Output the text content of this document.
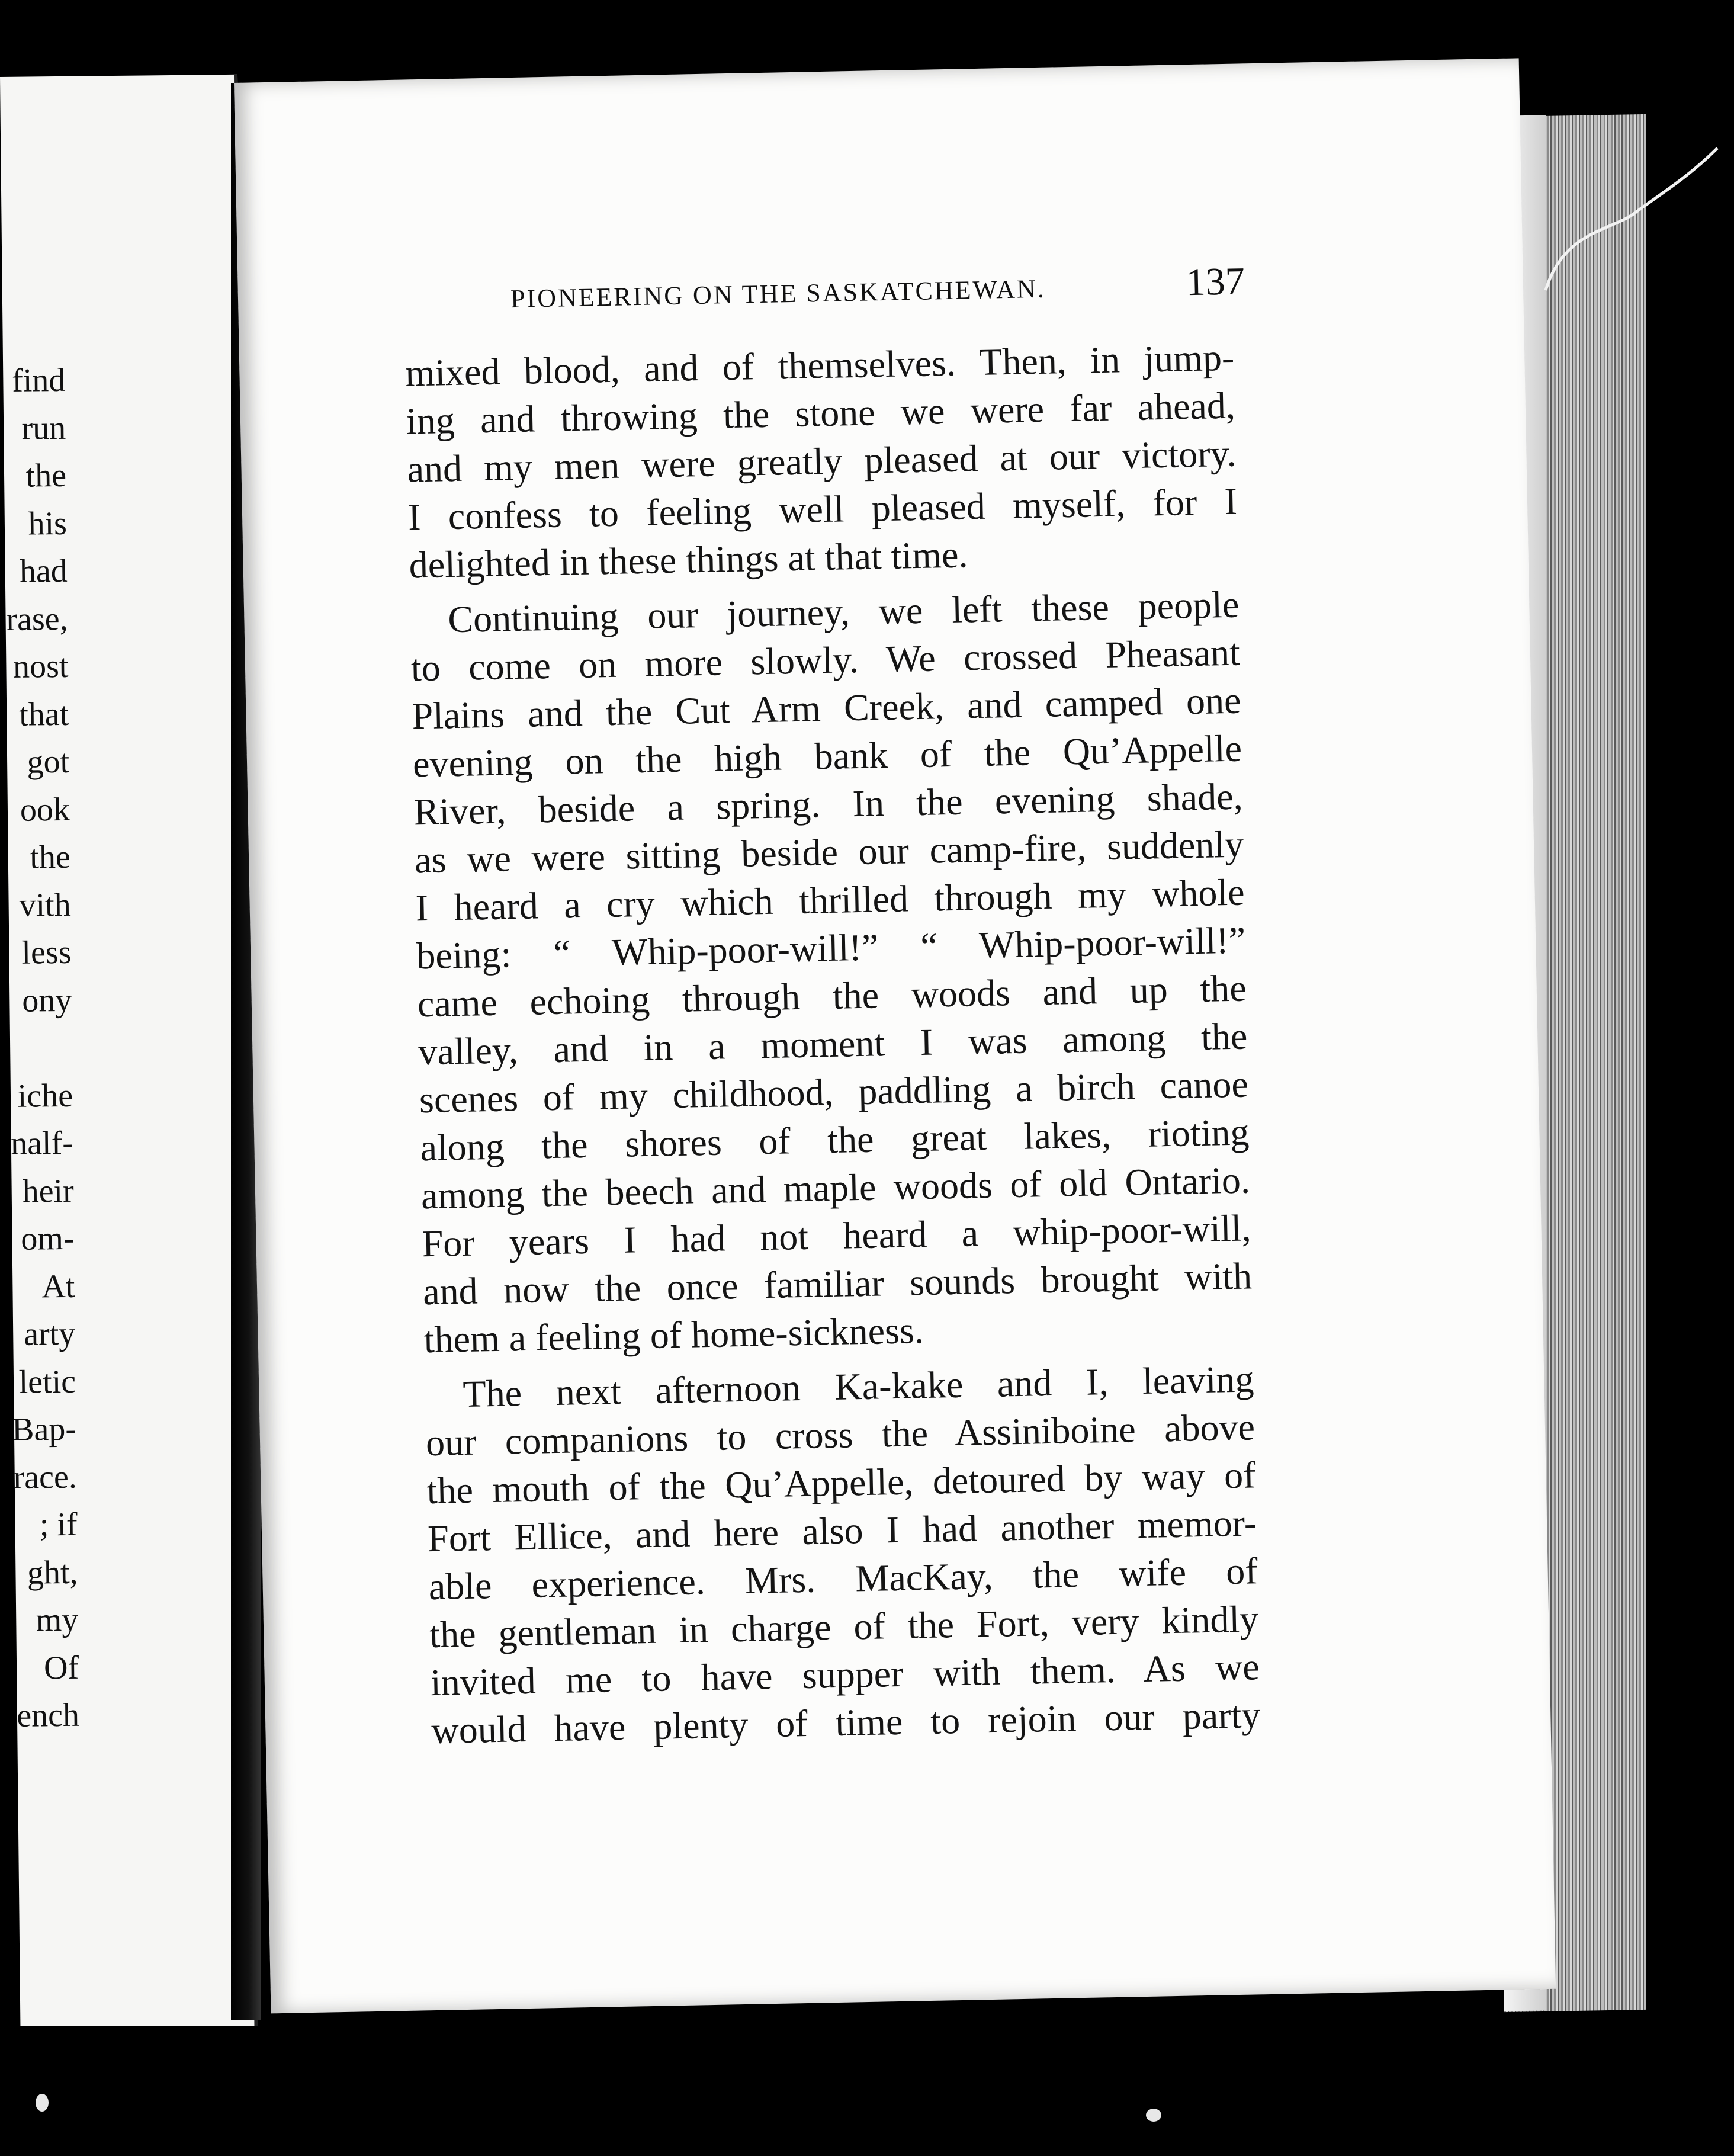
find
run
the
his
had
rase,
nost
that
got
ook
the
vith
less
ony
iche
nalf-
heir
om-
At
arty
letic
Bap-
race.
; if
ght,
my
Of
ench
PIONEERING ON THE SASKATCHEWAN.	137
mixed blood, and of themselves. Then, in jump-
ing and throwing the stone we were far ahead,
and my men were greatly pleased at our victory.
I confess to feeling well pleased myself, for I
delighted in these things at that time.
Continuing our journey, we left these people
to come on more slowly. We crossed Pheasant
Plains and the Cut Arm Creek, and camped one
evening on the high bank of the Qu’Appelle
River, beside a spring. In the evening shade,
as we were sitting beside our camp-fire, suddenly
I heard a cry which thrilled through my whole
being: “ Whip-poor-will!” “ Whip-poor-will!”
came echoing through the woods and up the
valley, and in a moment I was among the
scenes of my childhood, paddling a birch canoe
along the shores of the great lakes, rioting
among the beech and maple woods of old Ontario.
For years I had not heard a whip-poor-will,
and now the once familiar sounds brought with
them a feeling of home-sickness.
The next afternoon Ka-kake and I, leaving
our companions to cross the Assiniboine above
the mouth of the Qu’Appelle, detoured by way of
Fort Ellice, and here also I had another memor-
able experience. Mrs. MacKay, the wife of
the gentleman in charge of the Fort, very kindly
invited me to have supper with them. As we
would have plenty of time to rejoin our party
